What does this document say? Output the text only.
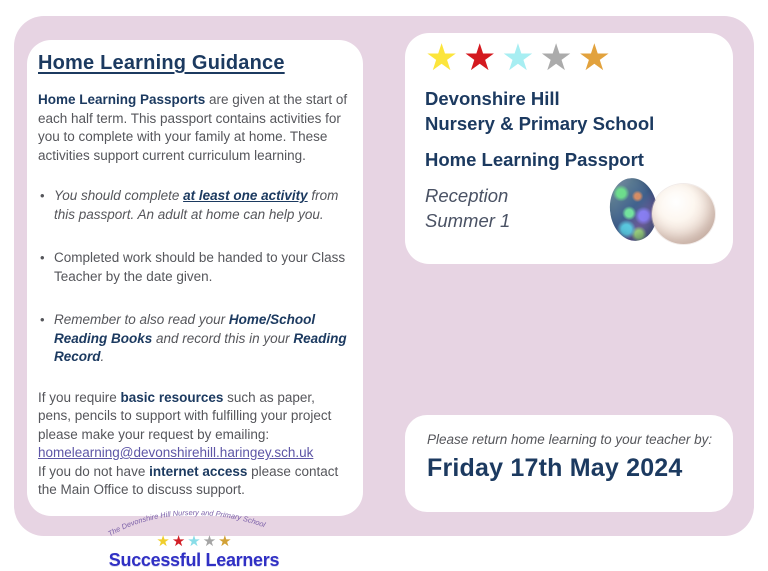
Home Learning Guidance

Home Learning Passports are given at the start of each half term. This passport contains activities for you to complete with your family at home. These activities support current curriculum learning.

• You should complete at least one activity from this passport. An adult at home can help you.
• Completed work should be handed to your Class Teacher by the date given.
• Remember to also read your Home/School Reading Books and record this in your Reading Record.

If you require basic resources such as paper, pens, pencils to support with fulfilling your project please make your request by emailing: homelearning@devonshirehill.haringey.sch.uk
If you do not have internet access please contact the Main Office to discuss support.

The Devonshire Hill Nursery and Primary School
★ ★ ★ ★ ★
Successful Learners
★ ★ ★ ★ ★
Devonshire Hill
Nursery & Primary School
Home Learning Passport
Reception
Summer 1
Please return home learning to your teacher by:
Friday 17th May 2024
